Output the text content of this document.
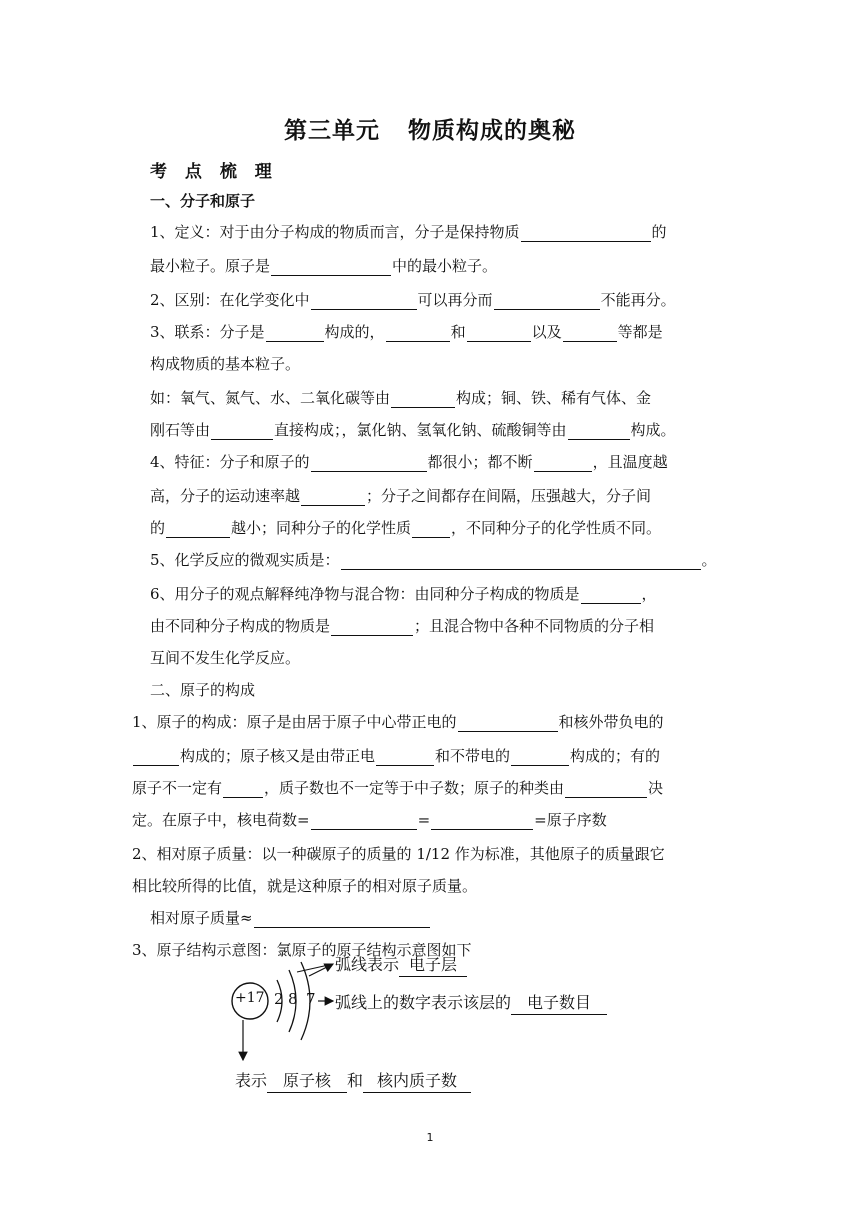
第三单元 物质构成的奥秘
考 点 梳 理
一、分子和原子
1、定义：对于由分子构成的物质而言，分子是保持物质	的
最小粒子。原子是	中的最小粒子。
2、区别：在化学变化中	可以再分而	不能再分。
3、联系：分子是	构成的，	和	以及	等都是
构成物质的基本粒子。
如：氧气、氮气、水、二氧化碳等由	构成；铜、铁、稀有气体、金
刚石等由	直接构成；，氯化钠、氢氧化钠、硫酸铜等由	构成。
4、特征：分子和原子的	都很小；都不断	，且温度越
高，分子的运动速率越	；分子之间都存在间隔，压强越大，分子间
的	越小；同种分子的化学性质	，不同种分子的化学性质不同。
5、化学反应的微观实质是：	。
6、用分子的观点解释纯净物与混合物：由同种分子构成的物质是	，
由不同种分子构成的物质是	；且混合物中各种不同物质的分子相
互间不发生化学反应。
二、原子的构成
1、原子的构成：原子是由居于原子中心带正电的	和核外带负电的
构成的；原子核又是由带正电	和不带电的	构成的；有的
原子不一定有	，质子数也不一定等于中子数；原子的种类由	决
定。在原子中，核电荷数=	=	=原子序数
2、相对原子质量：以一种碳原子的质量的 1/12 作为标准，其他原子的质量跟它
相比较所得的比值，就是这种原子的相对原子质量。
相对原子质量≈
3、原子结构示意图：氯原子的原子结构示意图如下
+17 2 8 7
弧线表示 电子层
弧线上的数字表示该层的 电子数目
表示 原子核 和 核内质子数
1
